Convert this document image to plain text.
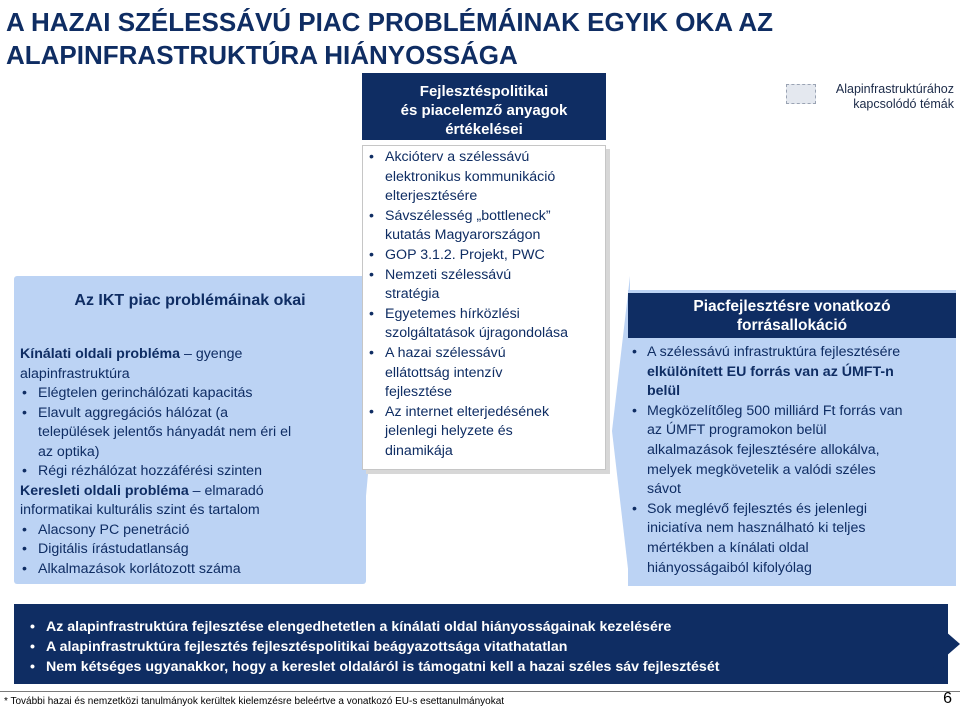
A HAZAI SZÉLESSÁVÚ PIAC PROBLÉMÁINAK EGYIK OKA AZ
ALAPINFRASTRUKTÚRA HIÁNYOSSÁGA
Alapinfrastruktúrához
kapcsolódó témák
Az IKT piac problémáinak okai
Kínálati oldali probléma – gyenge
alapinfrastruktúra
• Elégtelen gerinchálózati kapacitás
• Elavult aggregációs hálózat (a
települések jelentős hányadát nem éri el
az optika)
• Régi rézhálózat hozzáférési szinten
Keresleti oldali probléma – elmaradó
informatikai kulturális szint és tartalom
• Alacsony PC penetráció
• Digitális írástudatlanság
• Alkalmazások korlátozott száma
Fejlesztéspolitikai
és piacelemző anyagok
értékelései
• Akcióterv a szélessávú
elektronikus kommunikáció
elterjesztésére
• Sávszélesség „bottleneck”
kutatás Magyarországon
• GOP 3.1.2. Projekt, PWC
• Nemzeti szélessávú
stratégia
• Egyetemes hírközlési
szolgáltatások újragondolása
• A hazai szélessávú
ellátottság intenzív
fejlesztése
• Az internet elterjedésének
jelenlegi helyzete és
dinamikája
Piacfejlesztésre vonatkozó
forrásallokáció
• A szélessávú infrastruktúra fejlesztésére
elkülönített EU forrás van az ÚMFT-n
belül
• Megközelítőleg 500 milliárd Ft forrás van
az ÚMFT programokon belül
alkalmazások fejlesztésére allokálva,
melyek megkövetelik a valódi széles
sávot
• Sok meglévő fejlesztés és jelenlegi
iniciatíva nem használható ki teljes
mértékben a kínálati oldal
hiányosságaiból kifolyólag
• Az alapinfrastruktúra fejlesztése elengedhetetlen a kínálati oldal hiányosságainak kezelésére
• A alapinfrastruktúra fejlesztés fejlesztéspolitikai beágyazottsága vitathatatlan
• Nem kétséges ugyanakkor, hogy a kereslet oldaláról is támogatni kell a hazai széles sáv fejlesztését
* További hazai és nemzetközi tanulmányok kerültek kielemzésre beleértve a vonatkozó EU-s esettanulmányokat	6
